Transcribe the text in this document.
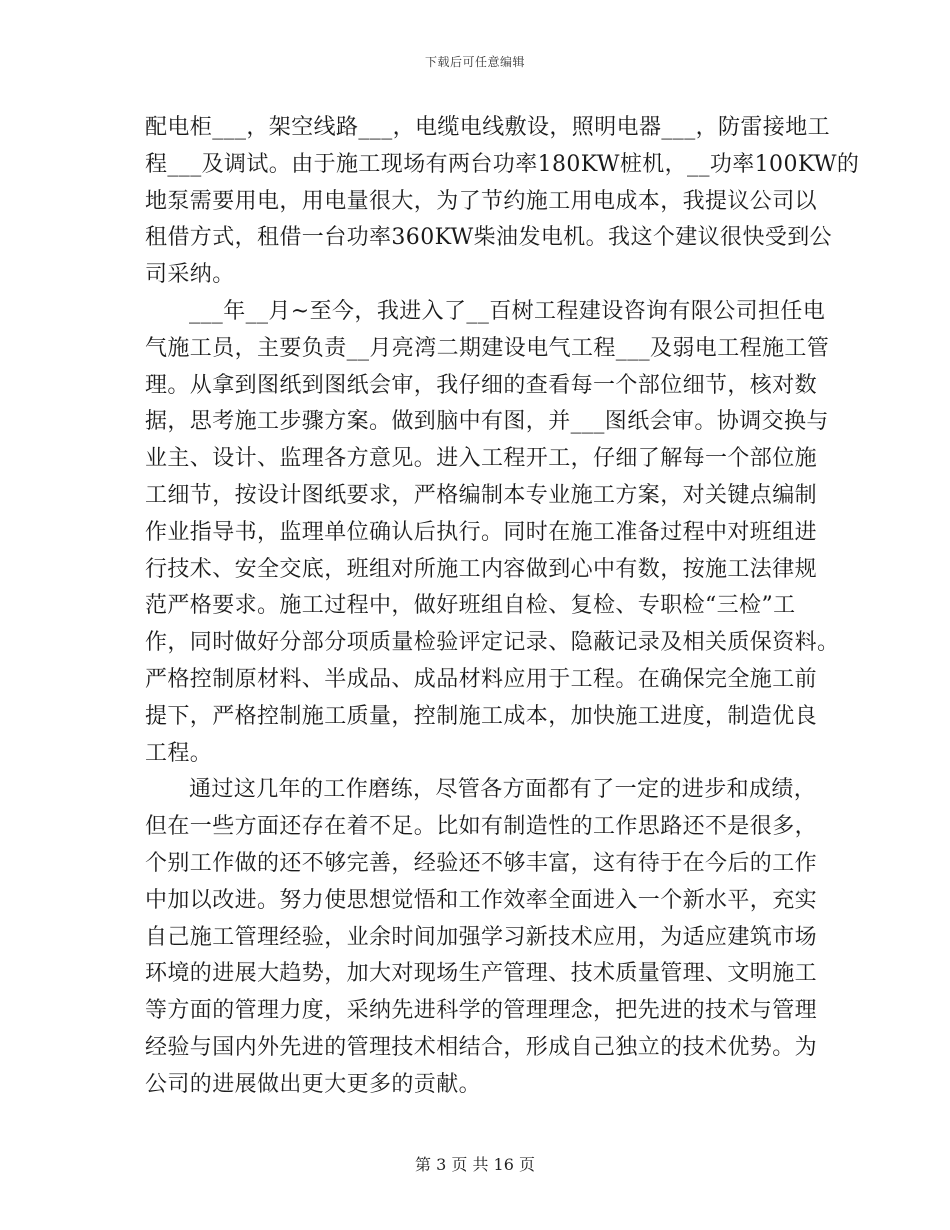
下载后可任意编辑
配电柜___，架空线路___，电缆电线敷设，照明电器___，防雷接地工
程___及调试。由于施工现场有两台功率180KW桩机，__功率100KW的
地泵需要用电，用电量很大，为了节约施工用电成本，我提议公司以
租借方式，租借一台功率360KW柴油发电机。我这个建议很快受到公
司采纳。
___年__月~至今，我进入了__百树工程建设咨询有限公司担任电
气施工员，主要负责__月亮湾二期建设电气工程___及弱电工程施工管
理。从拿到图纸到图纸会审，我仔细的查看每一个部位细节，核对数
据，思考施工步骤方案。做到脑中有图，并___图纸会审。协调交换与
业主、设计、监理各方意见。进入工程开工，仔细了解每一个部位施
工细节，按设计图纸要求，严格编制本专业施工方案，对关键点编制
作业指导书，监理单位确认后执行。同时在施工准备过程中对班组进
行技术、安全交底，班组对所施工内容做到心中有数，按施工法律规
范严格要求。施工过程中，做好班组自检、复检、专职检“三检”工
作，同时做好分部分项质量检验评定记录、隐蔽记录及相关质保资料。
严格控制原材料、半成品、成品材料应用于工程。在确保完全施工前
提下，严格控制施工质量，控制施工成本，加快施工进度，制造优良
工程。
通过这几年的工作磨练，尽管各方面都有了一定的进步和成绩，
但在一些方面还存在着不足。比如有制造性的工作思路还不是很多，
个别工作做的还不够完善，经验还不够丰富，这有待于在今后的工作
中加以改进。努力使思想觉悟和工作效率全面进入一个新水平，充实
自己施工管理经验，业余时间加强学习新技术应用，为适应建筑市场
环境的进展大趋势，加大对现场生产管理、技术质量管理、文明施工
等方面的管理力度，采纳先进科学的管理理念，把先进的技术与管理
经验与国内外先进的管理技术相结合，形成自己独立的技术优势。为
公司的进展做出更大更多的贡献。
第 3 页 共 16 页
